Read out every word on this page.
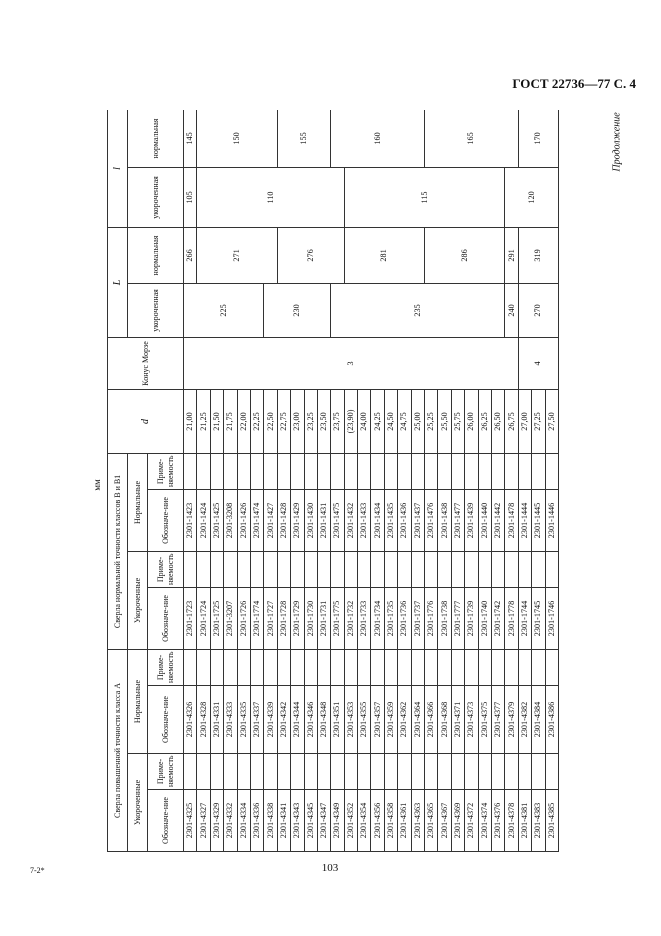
ГОСТ 22736—77 С. 4
Продолжение
мм
Сверла повышенной точности класса А				Сверла нормальной точности классов В и В1				d	Конус Морзе	L		l	
Укороченные		Нормальные		Укороченные		Нормальные				укороченная	нормальная	укороченная	нормальная
Обозначе-ние	Приме-няемость	Обозначе-ние	Приме-няемость	Обозначе-ние	Приме-няемость	Обозначе-ние	Приме-няемость						
2301-4325		2301-4326		2301-1723		2301-1423		21,00	3	225	266	105	145
2301-4327		2301-4328		2301-1724		2301-1424		21,25			271	110	150
2301-4329		2301-4331		2301-1725		2301-1425		21,50					
2301-4332		2301-4333		2301-3207		2301-3208		21,75					
2301-4334		2301-4335		2301-1726		2301-1426		22,00					
2301-4336		2301-4337		2301-1774		2301-1474		22,25					
2301-4338		2301-4339		2301-1727		2301-1427		22,50		230			
2301-4341		2301-4342		2301-1728		2301-1428		22,75			276		155
2301-4343		2301-4344		2301-1729		2301-1429		23,00					
2301-4345		2301-4346		2301-1730		2301-1430		23,25					
2301-4347		2301-4348		2301-1731		2301-1431		23,50					
2301-4349		2301-4351		2301-1775		2301-1475		23,75		235			160
2301-4352		2301-4353		2301-1732		2301-1432		(23,90)			281	115	
2301-4354		2301-4355		2301-1733		2301-1433		24,00					
2301-4356		2301-4357		2301-1734		2301-1434		24,25					
2301-4358		2301-4359		2301-1735		2301-1435		24,50					
2301-4361		2301-4362		2301-1736		2301-1436		24,75					
2301-4363		2301-4364		2301-1737		2301-1437		25,00					
2301-4365		2301-4366		2301-1776		2301-1476		25,25			286		165
2301-4367		2301-4368		2301-1738		2301-1438		25,50					
2301-4369		2301-4371		2301-1777		2301-1477		25,75					
2301-4372		2301-4373		2301-1739		2301-1439		26,00					
2301-4374		2301-4375		2301-1740		2301-1440		26,25					
2301-4376		2301-4377		2301-1742		2301-1442		26,50					
2301-4378		2301-4379		2301-1778		2301-1478		26,75		240	291	120	
2301-4381		2301-4382		2301-1744		2301-1444		27,00	4	270	319		170
2301-4383		2301-4384		2301-1745		2301-1445		27,25					
2301-4385		2301-4386		2301-1746		2301-1446		27,50					
7-2*	103
